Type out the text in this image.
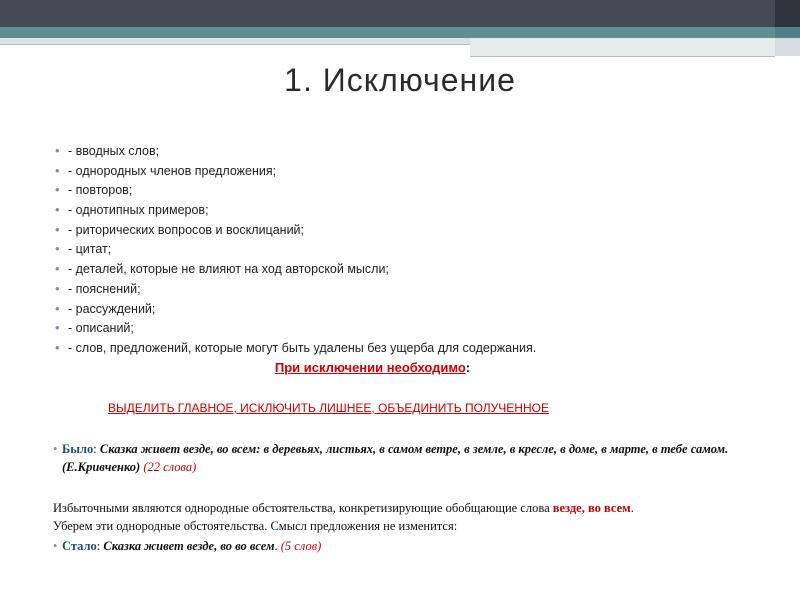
1. Исключение
• - вводных слов;
• - однородных членов предложения;
• - повторов;
• - однотипных примеров;
• - риторических вопросов и восклицаний;
• - цитат;
• - деталей, которые не влияют на ход авторской мысли;
• - пояснений;
• - рассуждений;
• - описаний;
• - слов, предложений, которые могут быть удалены без ущерба для содержания.
При исключении необходимо:
ВЫДЕЛИТЬ ГЛАВНОЕ, ИСКЛЮЧИТЬ ЛИШНЕЕ, ОБЪЕДИНИТЬ ПОЛУЧЕННОЕ
• Было: Сказка живет везде, во всем: в деревьях, листьях, в самом ветре, в земле, в кресле, в доме, в марте, в тебе самом. (Е.Кривченко) (22 слова)
Избыточными являются однородные обстоятельства, конкретизирующие обобщающие слова везде, во всем.
Уберем эти однородные обстоятельства. Смысл предложения не изменится:
• Стало: Сказка живет везде, во во всем. (5 слов)
